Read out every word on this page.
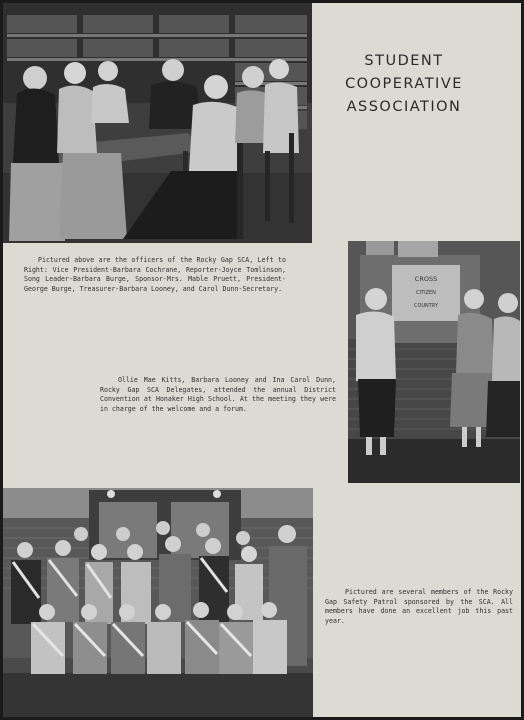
STUDENT
COOPERATIVE
ASSOCIATION
Pictured above are the officers of the Rocky Gap SCA, Left to Right: Vice President-Barbara Cochrane, Reporter-Joyce Tomlinson, Song Leader-Barbara Burge, Sponsor-Mrs. Mable Pruett, President-George Burge, Treasurer-Barbara Looney, and Carol Dunn-Secretary.
CROSS
CITIZEN
COUNTRY
Ollie Mae Kitts, Barbara Looney and Ina Carol Dunn, Rocky Gap SCA Delegates, attended the annual District Convention at Honaker High School. At the meeting they were in charge of the welcome and a forum.
Pictured are several members of the Rocky Gap Safety Patrol sponsored by the SCA. All members have done an excellent job this past year.
